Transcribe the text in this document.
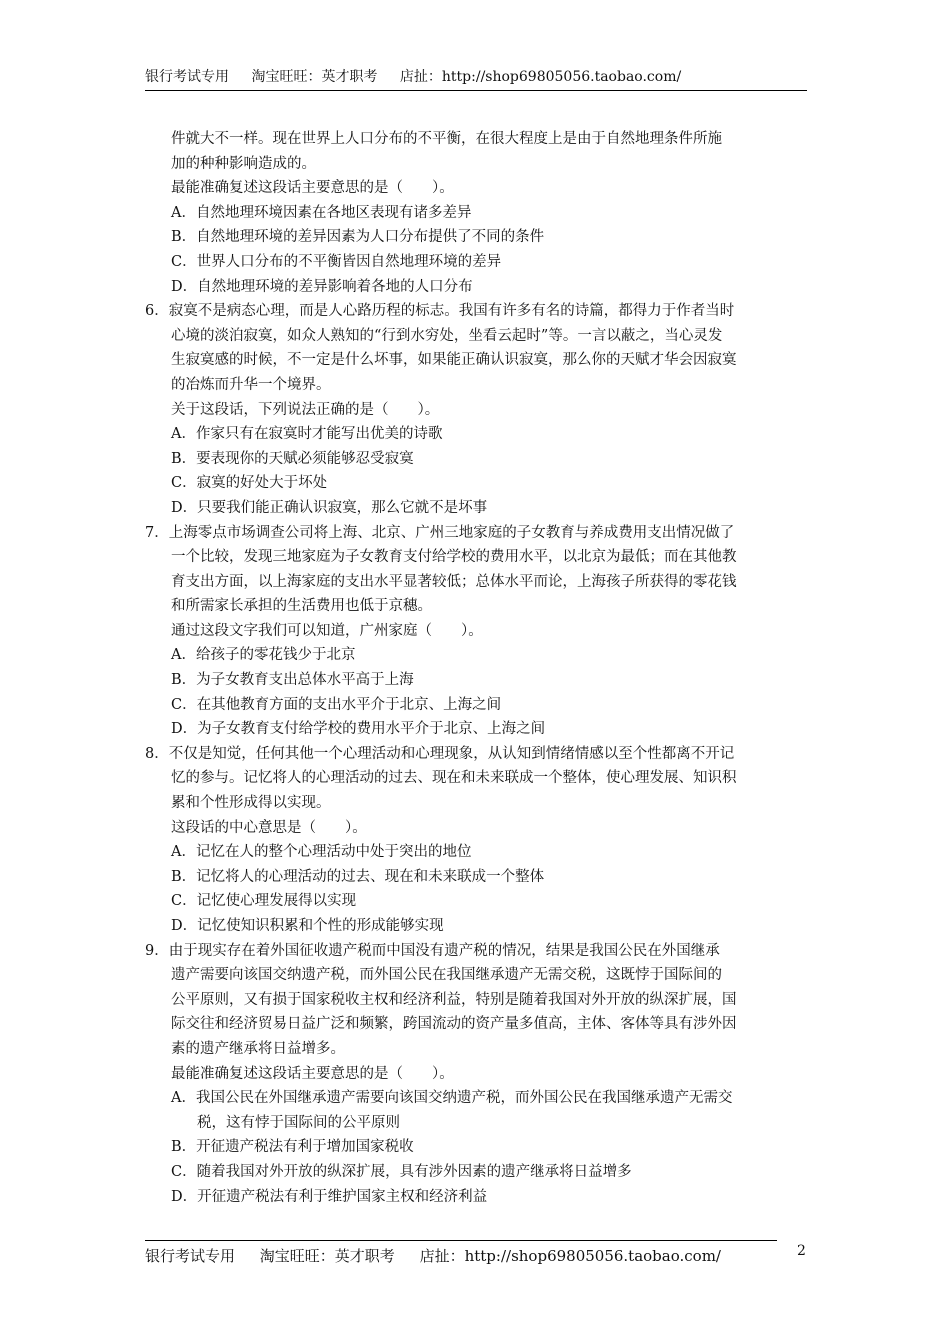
银行考试专用 淘宝旺旺：英才职考 店扯：http://shop69805056.taobao.com/
件就大不一样。现在世界上人口分布的不平衡，在很大程度上是由于自然地理条件所施
加的种种影响造成的。
最能准确复述这段话主要意思的是（　　）。
A．自然地理环境因素在各地区表现有诸多差异
B．自然地理环境的差异因素为人口分布提供了不同的条件
C．世界人口分布的不平衡皆因自然地理环境的差异
D．自然地理环境的差异影响着各地的人口分布
6．寂寞不是病态心理，而是人心路历程的标志。我国有许多有名的诗篇，都得力于作者当时
心境的淡泊寂寞，如众人熟知的“行到水穷处，坐看云起时”等。一言以蔽之，当心灵发
生寂寞感的时候，不一定是什么坏事，如果能正确认识寂寞，那么你的天赋才华会因寂寞
的冶炼而升华一个境界。
关于这段话，下列说法正确的是（　　）。
A．作家只有在寂寞时才能写出优美的诗歌
B．要表现你的天赋必须能够忍受寂寞
C．寂寞的好处大于坏处
D．只要我们能正确认识寂寞，那么它就不是坏事
7．上海零点市场调查公司将上海、北京、广州三地家庭的子女教育与养成费用支出情况做了
一个比较，发现三地家庭为子女教育支付给学校的费用水平，以北京为最低；而在其他教
育支出方面，以上海家庭的支出水平显著较低；总体水平而论，上海孩子所获得的零花钱
和所需家长承担的生活费用也低于京穗。
通过这段文字我们可以知道，广州家庭（　　）。
A．给孩子的零花钱少于北京
B．为子女教育支出总体水平高于上海
C．在其他教育方面的支出水平介于北京、上海之间
D．为子女教育支付给学校的费用水平介于北京、上海之间
8．不仅是知觉，任何其他一个心理活动和心理现象，从认知到情绪情感以至个性都离不开记
忆的参与。记忆将人的心理活动的过去、现在和未来联成一个整体，使心理发展、知识积
累和个性形成得以实现。
这段话的中心意思是（　　）。
A．记忆在人的整个心理活动中处于突出的地位
B．记忆将人的心理活动的过去、现在和未来联成一个整体
C．记忆使心理发展得以实现
D．记忆使知识积累和个性的形成能够实现
9．由于现实存在着外国征收遗产税而中国没有遗产税的情况，结果是我国公民在外国继承
遗产需要向该国交纳遗产税，而外国公民在我国继承遗产无需交税，这既悖于国际间的
公平原则，又有损于国家税收主权和经济利益，特别是随着我国对外开放的纵深扩展，国
际交往和经济贸易日益广泛和频繁，跨国流动的资产量多值高，主体、客体等具有涉外因
素的遗产继承将日益增多。
最能准确复述这段话主要意思的是（　　）。
A．我国公民在外国继承遗产需要向该国交纳遗产税，而外国公民在我国继承遗产无需交
税，这有悖于国际间的公平原则
B．开征遗产税法有利于增加国家税收
C．随着我国对外开放的纵深扩展，具有涉外因素的遗产继承将日益增多
D．开征遗产税法有利于维护国家主权和经济利益
银行考试专用 淘宝旺旺：英才职考 店扯：http://shop69805056.taobao.com/	2
